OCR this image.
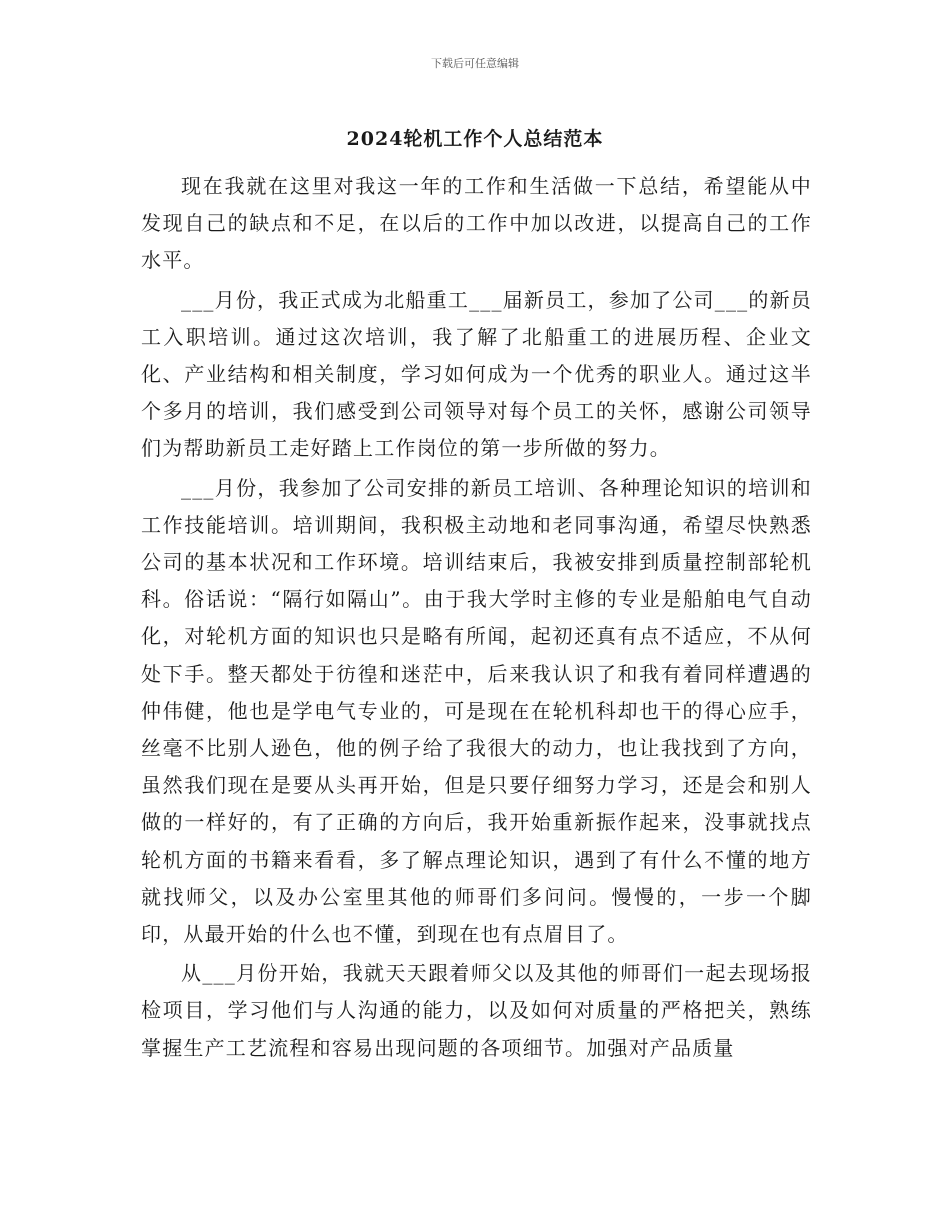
下载后可任意编辑
2024轮机工作个人总结范本

现在我就在这里对我这一年的工作和生活做一下总结，希望能从中发现自己的缺点和不足，在以后的工作中加以改进，以提高自己的工作水平。

___月份，我正式成为北船重工___届新员工，参加了公司___的新员工入职培训。通过这次培训，我了解了北船重工的进展历程、企业文化、产业结构和相关制度，学习如何成为一个优秀的职业人。通过这半个多月的培训，我们感受到公司领导对每个员工的关怀，感谢公司领导们为帮助新员工走好踏上工作岗位的第一步所做的努力。

___月份，我参加了公司安排的新员工培训、各种理论知识的培训和工作技能培训。培训期间，我积极主动地和老同事沟通，希望尽快熟悉公司的基本状况和工作环境。培训结束后，我被安排到质量控制部轮机科。俗话说：“隔行如隔山”。由于我大学时主修的专业是船舶电气自动化，对轮机方面的知识也只是略有所闻，起初还真有点不适应，不从何处下手。整天都处于彷徨和迷茫中，后来我认识了和我有着同样遭遇的仲伟健，他也是学电气专业的，可是现在在轮机科却也干的得心应手，丝毫不比别人逊色，他的例子给了我很大的动力，也让我找到了方向，虽然我们现在是要从头再开始，但是只要仔细努力学习，还是会和别人做的一样好的，有了正确的方向后，我开始重新振作起来，没事就找点轮机方面的书籍来看看，多了解点理论知识，遇到了有什么不懂的地方就找师父，以及办公室里其他的师哥们多问问。慢慢的，一步一个脚印，从最开始的什么也不懂，到现在也有点眉目了。

从___月份开始，我就天天跟着师父以及其他的师哥们一起去现场报检项目，学习他们与人沟通的能力，以及如何对质量的严格把关，熟练掌握生产工艺流程和容易出现问题的各项细节。加强对产品质量
